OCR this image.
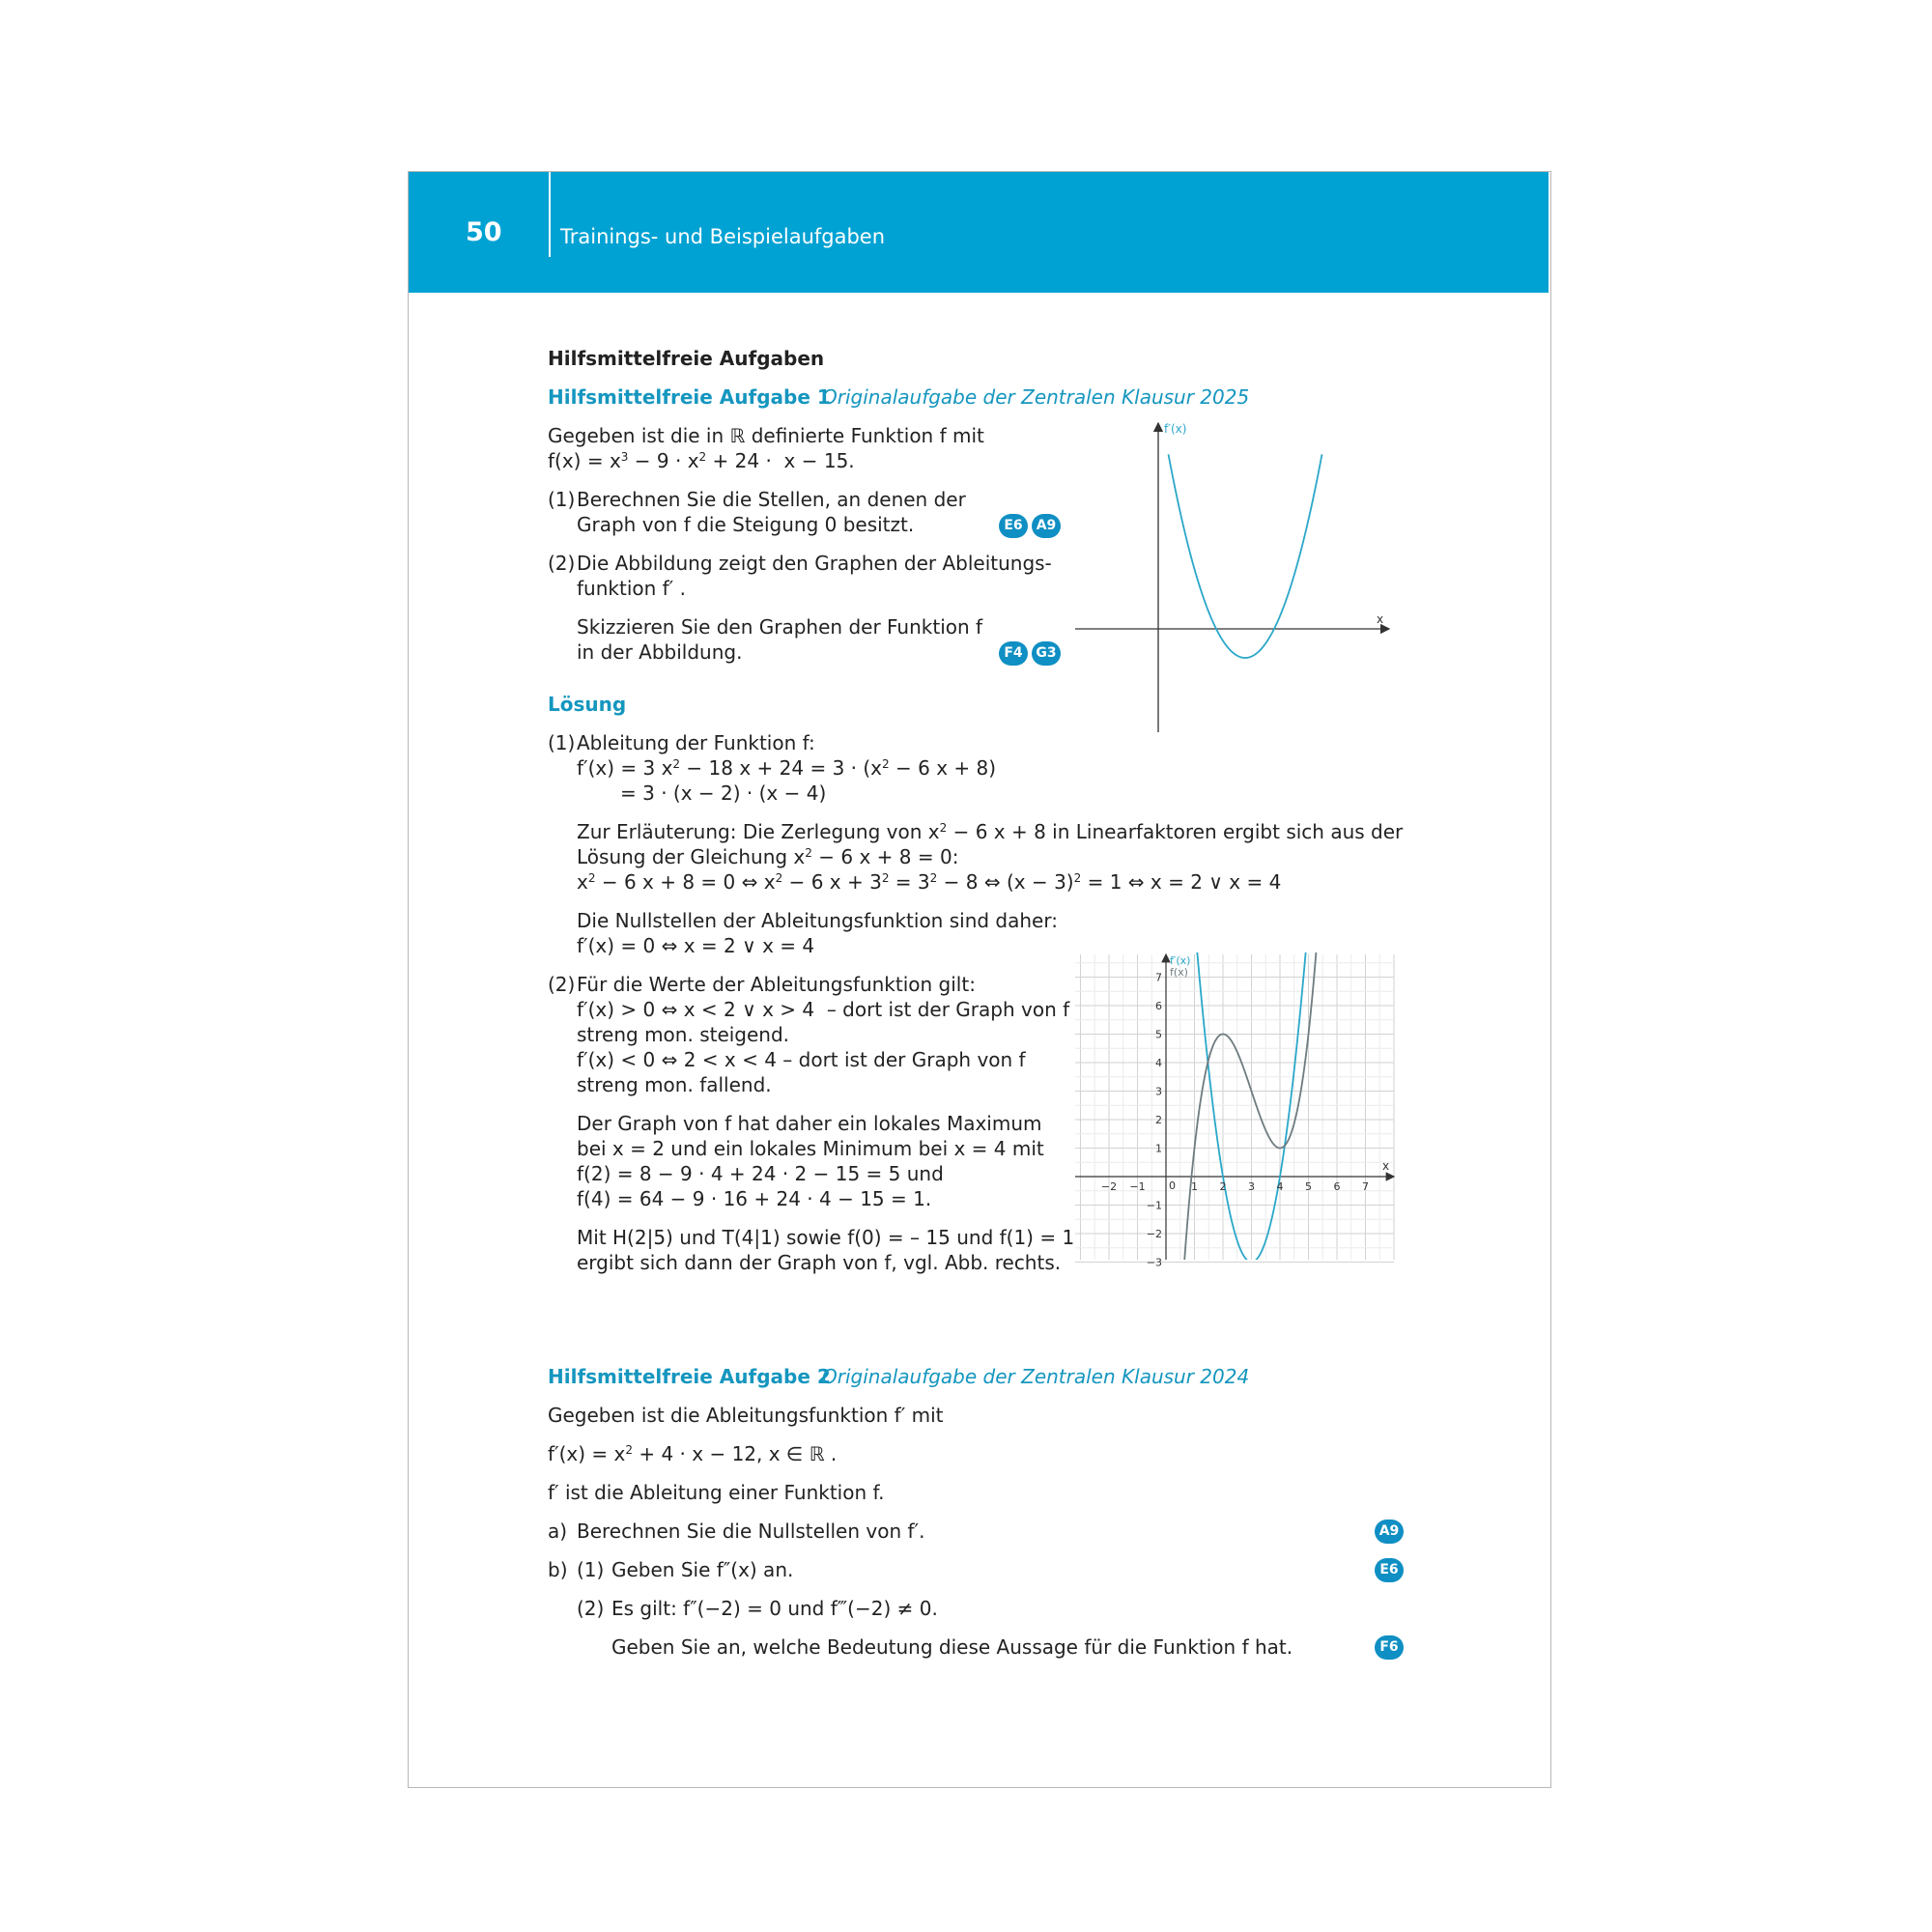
50	Trainings- und Beispielaufgaben
Hilfsmittelfreie Aufgaben
Hilfsmittelfreie Aufgabe 1
Originalaufgabe der Zentralen Klausur 2025
Gegeben ist die in ℝ definierte Funktion f mit
$f(x) = x^3 - 9 \cdot x^2 + 24 \cdot x - 15$.
(1) Berechnen Sie die Stellen, an denen der
Graph von f die Steigung 0 besitzt.	E6	A9
(2) Die Abbildung zeigt den Graphen der Ableitungs-
funktion f′ .
Skizzieren Sie den Graphen der Funktion f
in der Abbildung.	F4 G3
f′(x)
x
Lösung
(1) Ableitung der Funktion f:
f′(x) = 3 $x^2 - 18$ $x + 24 = 3 \cdot (x^2 - 6$ x + 8)
= 3 · (x − 2) · (x − 4)
Zur Erläuterung: Die Zerlegung von $x^2 - 6$ x + 8 in Linearfaktoren ergibt sich aus der
Lösung der Gleichung $x^2 - 6$ x + 8 = 0:
$x^2 - 6$ x + 8 = 0 ⇔ $x^2 - 6$ $x + 3^2 = 3^2 - 8$ ⇔ $(x - 3)^2 = 1$ ⇔ x = 2 ∨ x = 4
Die Nullstellen der Ableitungsfunktion sind daher:
f′(x) = 0 ⇔ x = 2 ∨ x = 4
(2) Für die Werte der Ableitungsfunktion gilt:
f′(x) > 0 ⇔ x < 2 ∨ x > 4  – dort ist der Graph von f
streng mon. steigend.
f′(x) < 0 ⇔ 2 < x < 4 – dort ist der Graph von f
streng mon. fallend.
Der Graph von f hat daher ein lokales Maximum
bei x = 2 und ein lokales Minimum bei x = 4 mit
f(2) = 8 − 9 · 4 + 24 · 2 − 15 = 5 und
f(4) = 64 − 9 · 16 + 24 · 4 − 15 = 1.
Mit H(2|5) und T(4|1) sowie f(0) = – 15 und f(1) = 1
ergibt sich dann der Graph von f, vgl. Abb. rechts.
−2 −1	1 2 3 4 5 6 7
7
6
5
4
3
2
1
−1
−2
−3
0
f′(x)
f(x)
x
Hilfsmittelfreie Aufgabe 2
Originalaufgabe der Zentralen Klausur 2024
Gegeben ist die Ableitungsfunktion f′ mit
$f'(x) = x^2 + 4 \cdot x - 12$, x ∈ ℝ .
f′ ist die Ableitung einer Funktion f.
a) Berechnen Sie die Nullstellen von f′.	A9
b) (1) Geben Sie f″(x) an.	E6
(2) Es gilt: f″(−2) = 0 und f‴(−2) ≠ 0.
Geben Sie an, welche Bedeutung diese Aussage für die Funktion f hat.	F6
